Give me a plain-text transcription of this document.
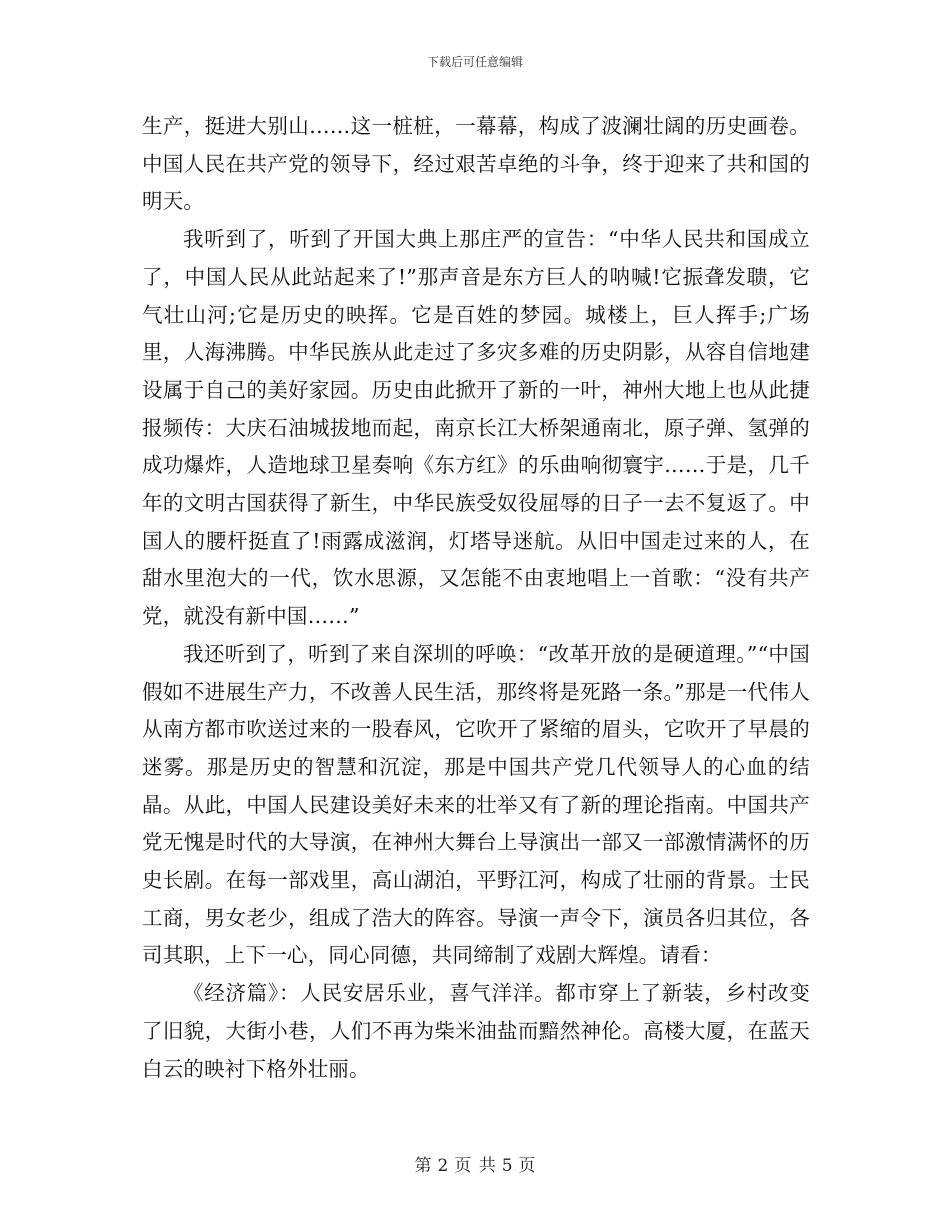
下载后可任意编辑

生产，挺进大别山……这一桩桩，一幕幕，构成了波澜壮阔的历史画卷。中国人民在共产党的领导下，经过艰苦卓绝的斗争，终于迎来了共和国的明天。

我听到了，听到了开国大典上那庄严的宣告：“中华人民共和国成立了，中国人民从此站起来了!”那声音是东方巨人的呐喊!它振聋发聩，它气壮山河;它是历史的映挥。它是百姓的梦园。城楼上，巨人挥手;广场里，人海沸腾。中华民族从此走过了多灾多难的历史阴影，从容自信地建设属于自己的美好家园。历史由此掀开了新的一叶，神州大地上也从此捷报频传：大庆石油城拔地而起，南京长江大桥架通南北，原子弹、氢弹的成功爆炸，人造地球卫星奏响《东方红》的乐曲响彻寰宇……于是，几千年的文明古国获得了新生，中华民族受奴役屈辱的日子一去不复返了。中国人的腰杆挺直了!雨露成滋润，灯塔导迷航。从旧中国走过来的人，在甜水里泡大的一代，饮水思源，又怎能不由衷地唱上一首歌：“没有共产党，就没有新中国……”

我还听到了，听到了来自深圳的呼唤：“改革开放的是硬道理。”“中国假如不进展生产力，不改善人民生活，那终将是死路一条。”那是一代伟人从南方都市吹送过来的一股春风，它吹开了紧缩的眉头，它吹开了早晨的迷雾。那是历史的智慧和沉淀，那是中国共产党几代领导人的心血的结晶。从此，中国人民建设美好未来的壮举又有了新的理论指南。中国共产党无愧是时代的大导演，在神州大舞台上导演出一部又一部激情满怀的历史长剧。在每一部戏里，高山湖泊，平野江河，构成了壮丽的背景。士民工商，男女老少，组成了浩大的阵容。导演一声令下，演员各归其位，各司其职，上下一心，同心同德，共同缔制了戏剧大辉煌。请看：

《经济篇》：人民安居乐业，喜气洋洋。都市穿上了新装，乡村改变了旧貌，大街小巷，人们不再为柴米油盐而黯然神伦。高楼大厦，在蓝天白云的映衬下格外壮丽。

第 2 页 共 5 页
